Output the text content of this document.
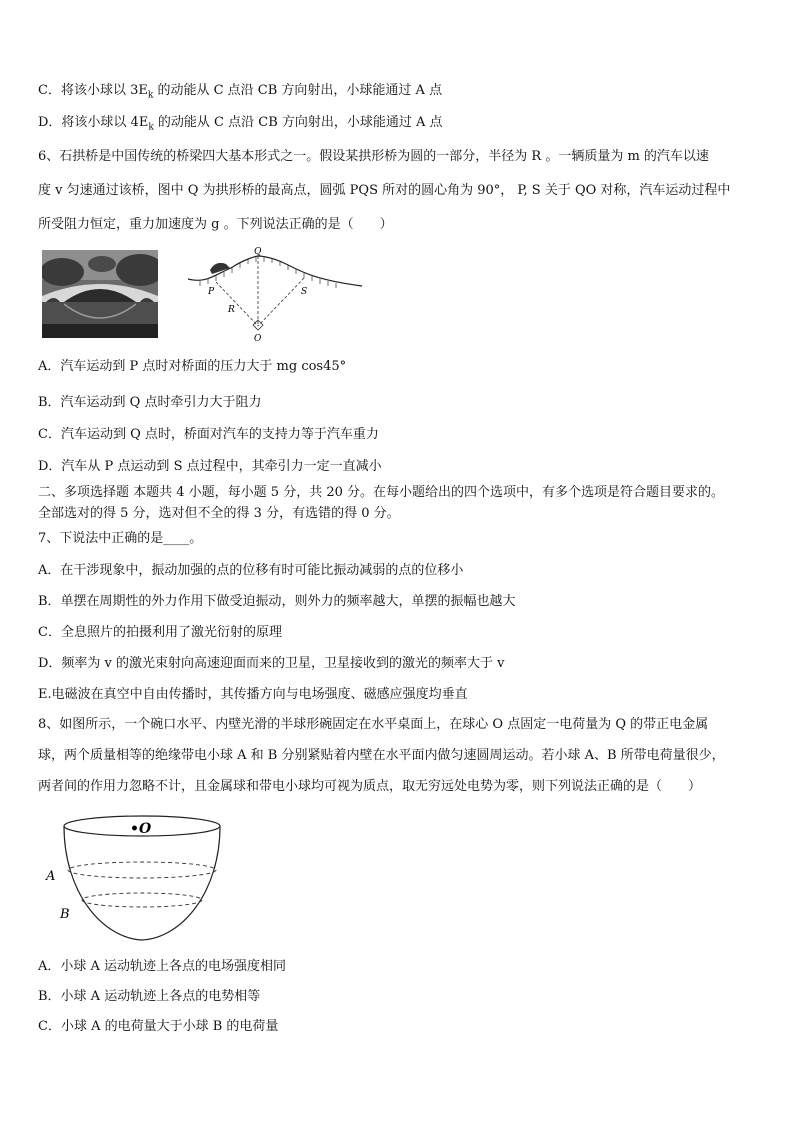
C．将该小球以 $3E_k$ 的动能从 C 点沿 CB 方向射出，小球能通过 A 点
D．将该小球以 $4E_k$ 的动能从 C 点沿 CB 方向射出，小球能通过 A 点
6、石拱桥是中国传统的桥梁四大基本形式之一。假设某拱形桥为圆的一部分，半径为 R 。一辆质量为 m 的汽车以速
度 v 匀速通过该桥，图中 Q 为拱形桥的最高点，圆弧 PQS 所对的圆心角为 90°， P, S 关于 QO 对称，汽车运动过程中
所受阻力恒定，重力加速度为 g 。下列说法正确的是（　　）
Q
P	S
R
O
A．汽车运动到 P 点时对桥面的压力大于 mg cos45°
B．汽车运动到 Q 点时牵引力大于阻力
C．汽车运动到 Q 点时，桥面对汽车的支持力等于汽车重力
D．汽车从 P 点运动到 S 点过程中，其牵引力一定一直减小
二、多项选择题 本题共 4 小题，每小题 5 分，共 20 分。在每小题给出的四个选项中，有多个选项是符合题目要求的。
全部选对的得 5 分，选对但不全的得 3 分，有选错的得 0 分。
7、下说法中正确的是____。
A．在干涉现象中，振动加强的点的位移有时可能比振动减弱的点的位移小
B．单摆在周期性的外力作用下做受迫振动，则外力的频率越大，单摆的振幅也越大
C．全息照片的拍摄利用了激光衍射的原理
D．频率为 v 的激光束射向高速迎面而来的卫星，卫星接收到的激光的频率大于 v
E.电磁波在真空中自由传播时，其传播方向与电场强度、磁感应强度均垂直
8、如图所示，一个碗口水平、内壁光滑的半球形碗固定在水平桌面上，在球心 O 点固定一电荷量为 Q 的带正电金属
球，两个质量相等的绝缘带电小球 A 和 B 分别紧贴着内壁在水平面内做匀速圆周运动。若小球 A、B 所带电荷量很少，
两者间的作用力忽略不计，且金属球和带电小球均可视为质点，取无穷远处电势为零，则下列说法正确的是（　　）
•O
A
B
A．小球 A 运动轨迹上各点的电场强度相同
B．小球 A 运动轨迹上各点的电势相等
C．小球 A 的电荷量大于小球 B 的电荷量
